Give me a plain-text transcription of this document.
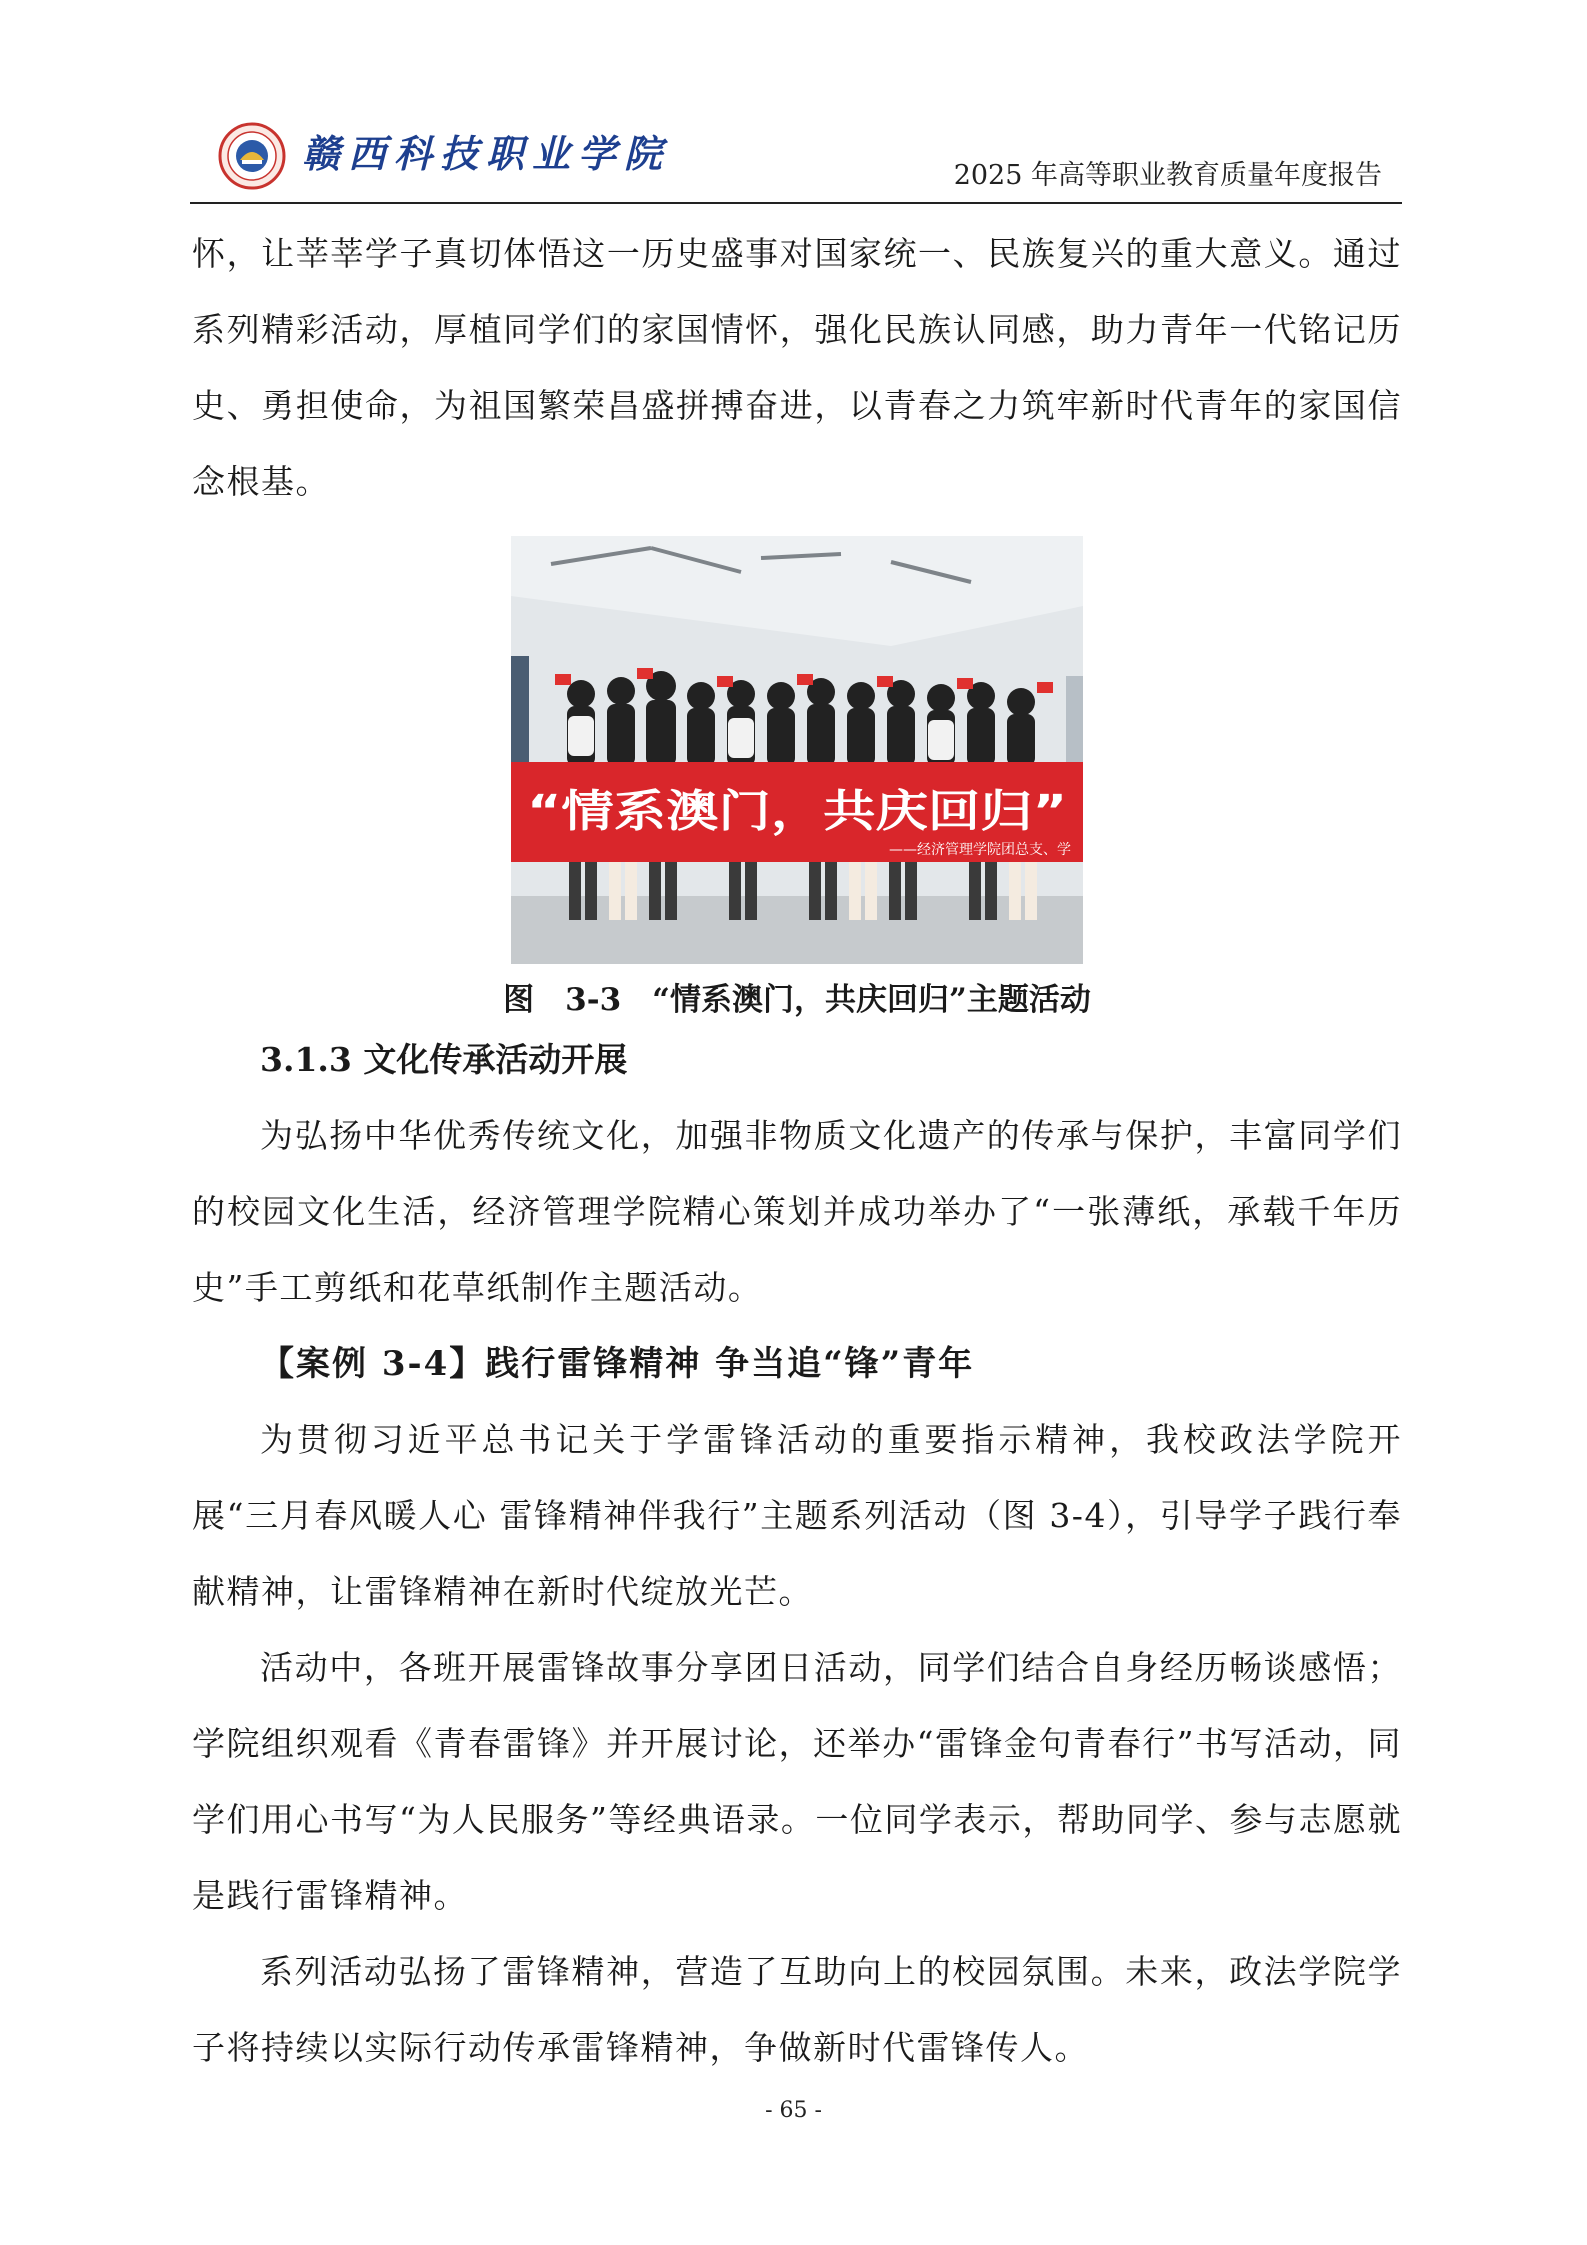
赣西科技职业学院	2025 年高等职业教育质量年度报告

怀，让莘莘学子真切体悟这一历史盛事对国家统一、民族复兴的重大意义。通过系列精彩活动，厚植同学们的家国情怀，强化民族认同感，助力青年一代铭记历史、勇担使命，为祖国繁荣昌盛拼搏奋进，以青春之力筑牢新时代青年的家国信念根基。

“情系澳门，共庆回归”
——经济管理学院团总支、学

图　3-3　“情系澳门，共庆回归”主题活动

3.1.3 文化传承活动开展

为弘扬中华优秀传统文化，加强非物质文化遗产的传承与保护，丰富同学们的校园文化生活，经济管理学院精心策划并成功举办了“一张薄纸，承载千年历史”手工剪纸和花草纸制作主题活动。

【案例 3-4】践行雷锋精神 争当追“锋”青年

为贯彻习近平总书记关于学雷锋活动的重要指示精神，我校政法学院开展“三月春风暖人心 雷锋精神伴我行”主题系列活动（图 3-4），引导学子践行奉献精神，让雷锋精神在新时代绽放光芒。

活动中，各班开展雷锋故事分享团日活动，同学们结合自身经历畅谈感悟；学院组织观看《青春雷锋》并开展讨论，还举办“雷锋金句青春行”书写活动，同学们用心书写“为人民服务”等经典语录。一位同学表示，帮助同学、参与志愿就是践行雷锋精神。

系列活动弘扬了雷锋精神，营造了互助向上的校园氛围。未来，政法学院学子将持续以实际行动传承雷锋精神，争做新时代雷锋传人。

- 65 -
